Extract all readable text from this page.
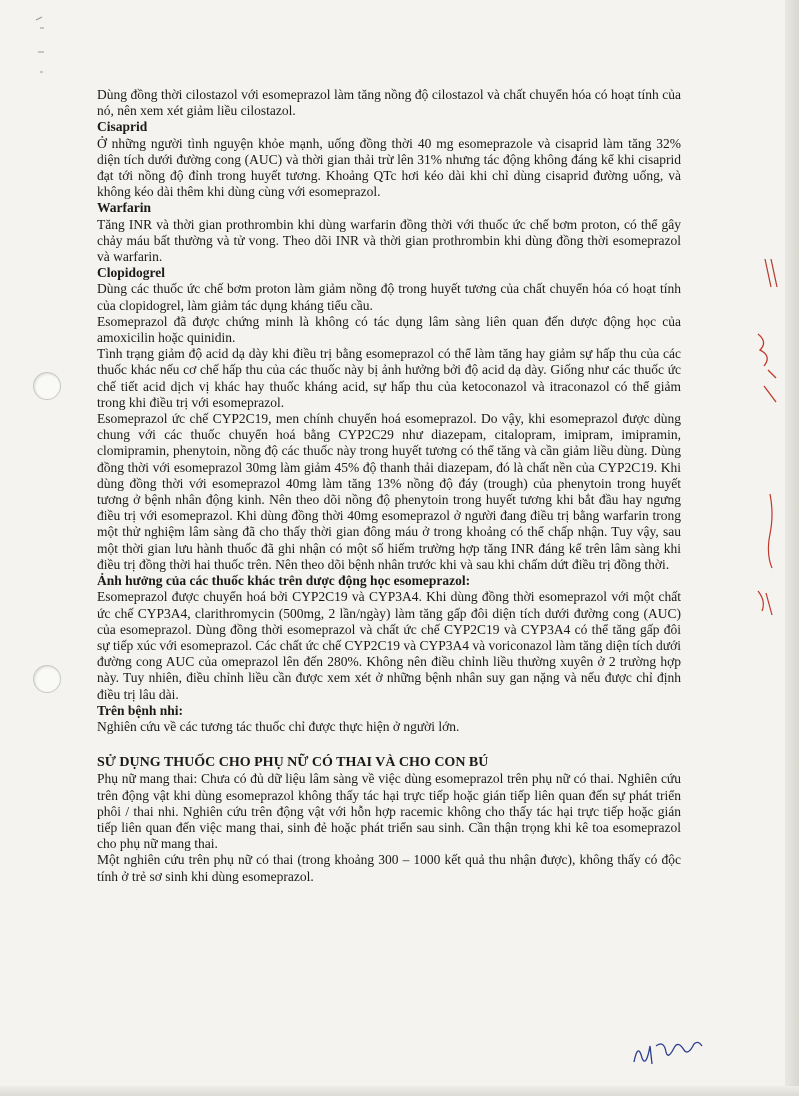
Dùng đồng thời cilostazol với esomeprazol làm tăng nồng độ cilostazol và chất chuyển hóa có hoạt tính của nó, nên xem xét giảm liều cilostazol.

Cisaprid

Ở những người tình nguyện khỏe mạnh, uống đồng thời 40 mg esomeprazole và cisaprid làm tăng 32% diện tích dưới đường cong (AUC) và thời gian thải trừ lên 31% nhưng tác động không đáng kể khi cisaprid đạt tới nồng độ đỉnh trong huyết tương. Khoảng QTc hơi kéo dài khi chỉ dùng cisaprid đường uống, và không kéo dài thêm khi dùng cùng với esomeprazol.

Warfarin

Tăng INR và thời gian prothrombin khi dùng warfarin đồng thời với thuốc ức chế bơm proton, có thể gây chảy máu bất thường và tử vong. Theo dõi INR và thời gian prothrombin khi dùng đồng thời esomeprazol và warfarin.

Clopidogrel

Dùng các thuốc ức chế bơm proton làm giảm nồng độ trong huyết tương của chất chuyển hóa có hoạt tính của clopidogrel, làm giảm tác dụng kháng tiểu cầu.

Esomeprazol đã được chứng minh là không có tác dụng lâm sàng liên quan đến dược động học của amoxicilin hoặc quinidin.

Tình trạng giảm độ acid dạ dày khi điều trị bằng esomeprazol có thể làm tăng hay giảm sự hấp thu của các thuốc khác nếu cơ chế hấp thu của các thuốc này bị ảnh hưởng bởi độ acid dạ dày. Giống như các thuốc ức chế tiết acid dịch vị khác hay thuốc kháng acid, sự hấp thu của ketoconazol và itraconazol có thể giảm trong khi điều trị với esomeprazol.

Esomeprazol ức chế CYP2C19, men chính chuyển hoá esomeprazol. Do vậy, khi esomeprazol được dùng chung với các thuốc chuyển hoá bằng CYP2C29 như diazepam, citalopram, imipram, imipramin, clomipramin, phenytoin, nồng độ các thuốc này trong huyết tương có thể tăng và cần giảm liều dùng. Dùng đồng thời với esomeprazol 30mg làm giảm 45% độ thanh thải diazepam, đó là chất nền của CYP2C19. Khi dùng đồng thời với esomeprazol 40mg làm tăng 13% nồng độ đáy (trough) của phenytoin trong huyết tương ở bệnh nhân động kinh. Nên theo dõi nồng độ phenytoin trong huyết tương khi bắt đầu hay ngưng điều trị với esomeprazol. Khi dùng đồng thời 40mg esomeprazol ở người đang điều trị bằng warfarin trong một thử nghiệm lâm sàng đã cho thấy thời gian đông máu ở trong khoảng có thể chấp nhận. Tuy vậy, sau một thời gian lưu hành thuốc đã ghi nhận có một số hiếm trường hợp tăng INR đáng kể trên lâm sàng khi điều trị đồng thời hai thuốc trên. Nên theo dõi bệnh nhân trước khi và sau khi chấm dứt điều trị đồng thời.

Ảnh hưởng của các thuốc khác trên dược động học esomeprazol:

Esomeprazol được chuyển hoá bởi CYP2C19 và CYP3A4. Khi dùng đồng thời esomeprazol với một chất ức chế CYP3A4, clarithromycin (500mg, 2 lần/ngày) làm tăng gấp đôi diện tích dưới đường cong (AUC) của esomeprazol. Dùng đồng thời esomeprazol và chất ức chế CYP2C19 và CYP3A4 có thể tăng gấp đôi sự tiếp xúc với esomeprazol. Các chất ức chế CYP2C19 và CYP3A4 và voriconazol làm tăng diện tích dưới đường cong AUC của omeprazol lên đến 280%. Không nên điều chỉnh liều thường xuyên ở 2 trường hợp này. Tuy nhiên, điều chỉnh liều cần được xem xét ở những bệnh nhân suy gan nặng và nếu được chỉ định điều trị lâu dài.

Trên bệnh nhi:

Nghiên cứu về các tương tác thuốc chỉ được thực hiện ở người lớn.

SỬ DỤNG THUỐC CHO PHỤ NỮ CÓ THAI VÀ CHO CON BÚ

Phụ nữ mang thai: Chưa có đủ dữ liệu lâm sàng về việc dùng esomeprazol trên phụ nữ có thai. Nghiên cứu trên động vật khi dùng esomeprazol không thấy tác hại trực tiếp hoặc gián tiếp liên quan đến sự phát triển phôi / thai nhi. Nghiên cứu trên động vật với hỗn hợp racemic không cho thấy tác hại trực tiếp hoặc gián tiếp liên quan đến việc mang thai, sinh đẻ hoặc phát triển sau sinh. Cần thận trọng khi kê toa esomeprazol cho phụ nữ mang thai.

Một nghiên cứu trên phụ nữ có thai (trong khoảng 300 – 1000 kết quả thu nhận được), không thấy có độc tính ở trẻ sơ sinh khi dùng esomeprazol.
